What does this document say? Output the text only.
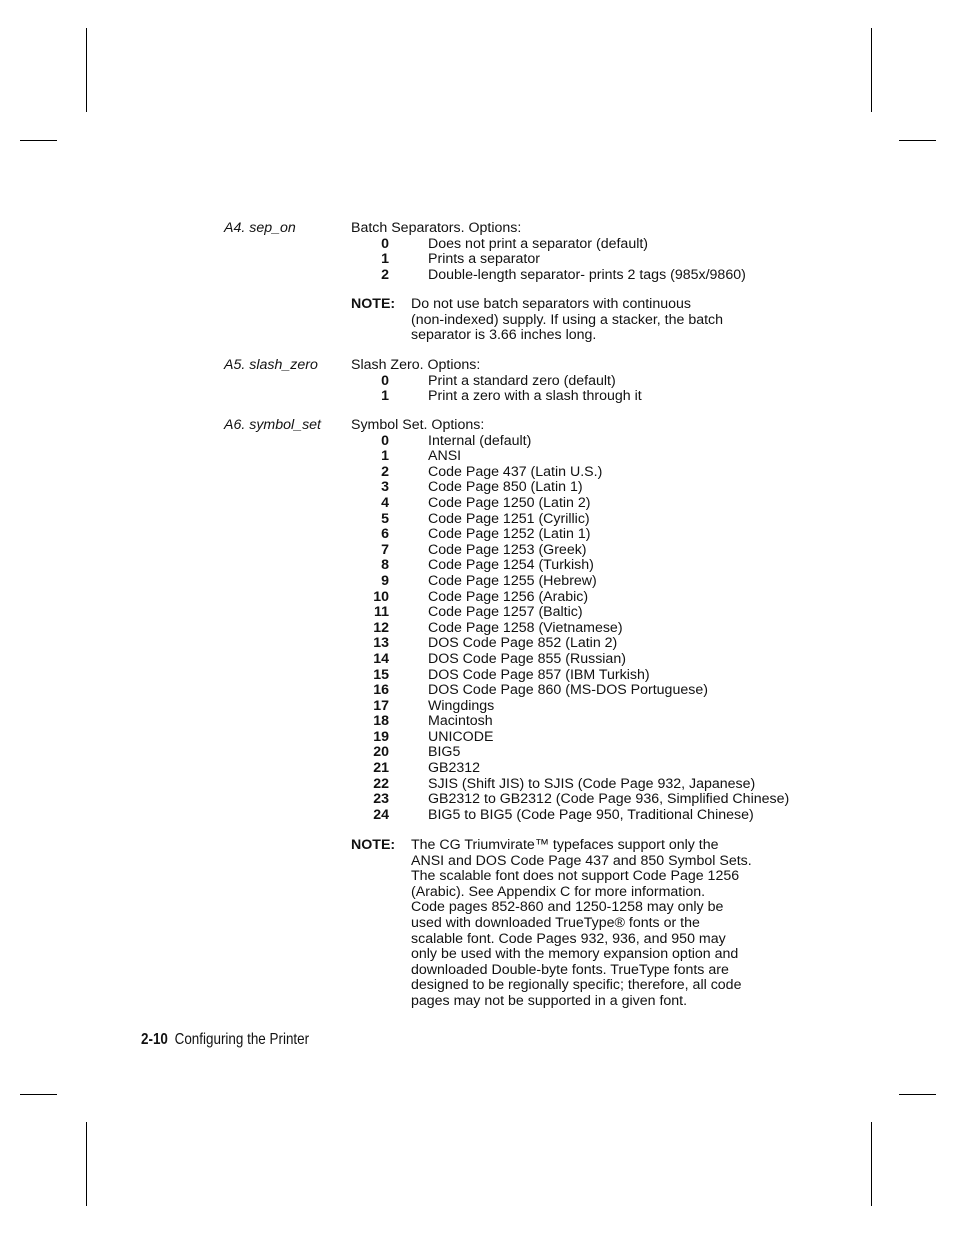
A4. sep_on	Batch Separators. Options:
0	Does not print a separator (default)
1	Prints a separator
2	Double-length separator- prints 2 tags (985x/9860)
NOTE: Do not use batch separators with continuous
(non-indexed) supply. If using a stacker, the batch
separator is 3.66 inches long.
A5. slash_zero Slash Zero. Options:
0	Print a standard zero (default)
1	Print a zero with a slash through it
A6. symbol_set Symbol Set. Options:
0	Internal (default)
1	ANSI
2	Code Page 437 (Latin U.S.)
3	Code Page 850 (Latin 1)
4	Code Page 1250 (Latin 2)
5	Code Page 1251 (Cyrillic)
6	Code Page 1252 (Latin 1)
7	Code Page 1253 (Greek)
8	Code Page 1254 (Turkish)
9	Code Page 1255 (Hebrew)
10	Code Page 1256 (Arabic)
11	Code Page 1257 (Baltic)
12	Code Page 1258 (Vietnamese)
13	DOS Code Page 852 (Latin 2)
14	DOS Code Page 855 (Russian)
15	DOS Code Page 857 (IBM Turkish)
16	DOS Code Page 860 (MS-DOS Portuguese)
17	Wingdings
18	Macintosh
19	UNICODE
20	BIG5
21	GB2312
22	SJIS (Shift JIS) to SJIS (Code Page 932, Japanese)
23	GB2312 to GB2312 (Code Page 936, Simplified Chinese)
24	BIG5 to BIG5 (Code Page 950, Traditional Chinese)
NOTE: The CG Triumvirate™ typefaces support only the
ANSI and DOS Code Page 437 and 850 Symbol Sets.
The scalable font does not support Code Page 1256
(Arabic). See Appendix C for more information.
Code pages 852-860 and 1250-1258 may only be
used with downloaded TrueType® fonts or the
scalable font. Code Pages 932, 936, and 950 may
only be used with the memory expansion option and
downloaded Double-byte fonts. TrueType fonts are
designed to be regionally specific; therefore, all code
pages may not be supported in a given font.
2-10 Configuring the Printer
